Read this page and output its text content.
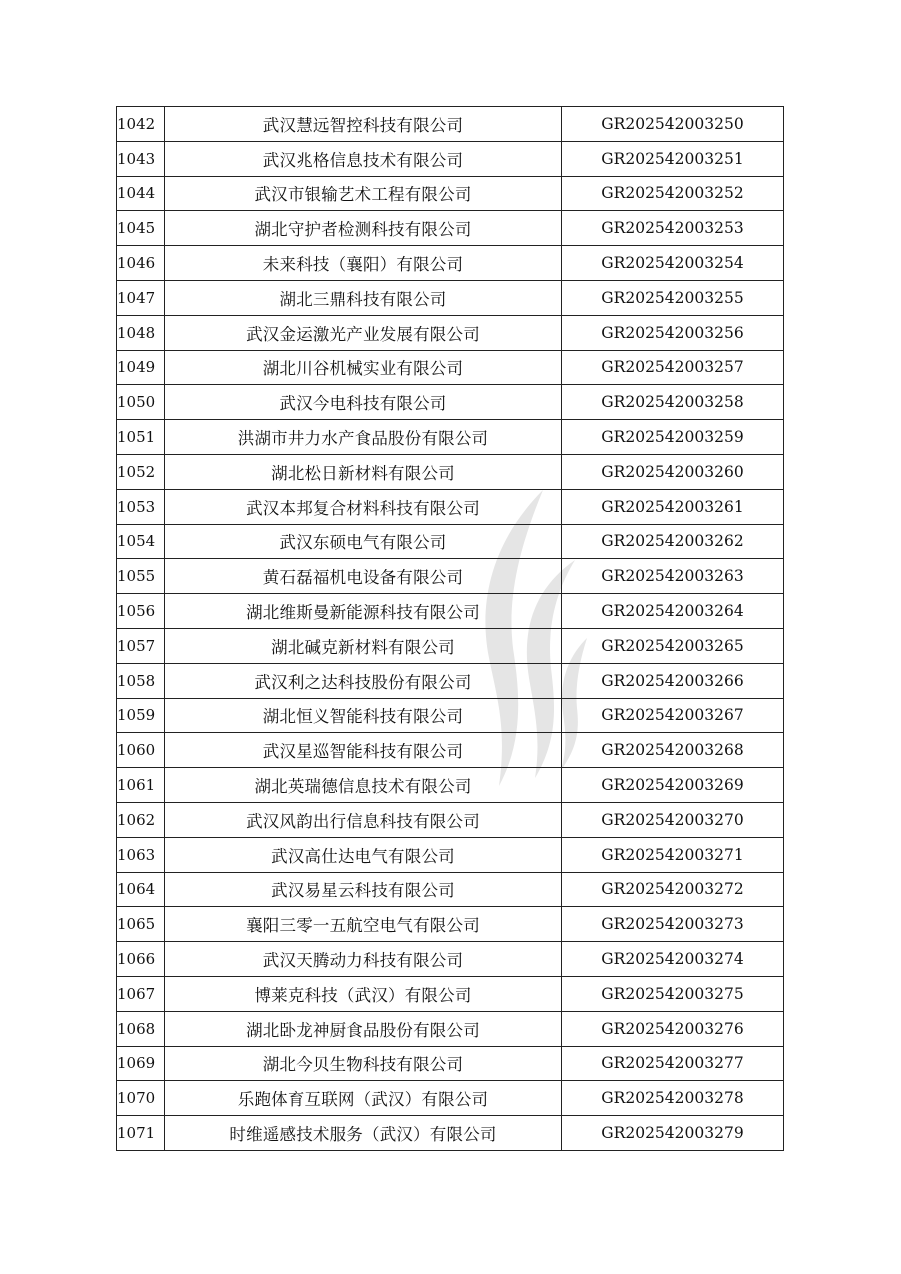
1042	武汉慧远智控科技有限公司	GR202542003250
1043	武汉兆格信息技术有限公司	GR202542003251
1044	武汉市银输艺术工程有限公司	GR202542003252
1045	湖北守护者检测科技有限公司	GR202542003253
1046	未来科技（襄阳）有限公司	GR202542003254
1047	湖北三鼎科技有限公司	GR202542003255
1048	武汉金运激光产业发展有限公司	GR202542003256
1049	湖北川谷机械实业有限公司	GR202542003257
1050	武汉今电科技有限公司	GR202542003258
1051	洪湖市井力水产食品股份有限公司	GR202542003259
1052	湖北松日新材料有限公司	GR202542003260
1053	武汉本邦复合材料科技有限公司	GR202542003261
1054	武汉东硕电气有限公司	GR202542003262
1055	黄石磊福机电设备有限公司	GR202542003263
1056	湖北维斯曼新能源科技有限公司	GR202542003264
1057	湖北碱克新材料有限公司	GR202542003265
1058	武汉利之达科技股份有限公司	GR202542003266
1059	湖北恒义智能科技有限公司	GR202542003267
1060	武汉星巡智能科技有限公司	GR202542003268
1061	湖北英瑞德信息技术有限公司	GR202542003269
1062	武汉风韵出行信息科技有限公司	GR202542003270
1063	武汉高仕达电气有限公司	GR202542003271
1064	武汉易星云科技有限公司	GR202542003272
1065	襄阳三零一五航空电气有限公司	GR202542003273
1066	武汉天腾动力科技有限公司	GR202542003274
1067	博莱克科技（武汉）有限公司	GR202542003275
1068	湖北卧龙神厨食品股份有限公司	GR202542003276
1069	湖北今贝生物科技有限公司	GR202542003277
1070	乐跑体育互联网（武汉）有限公司	GR202542003278
1071	时维遥感技术服务（武汉）有限公司	GR202542003279
